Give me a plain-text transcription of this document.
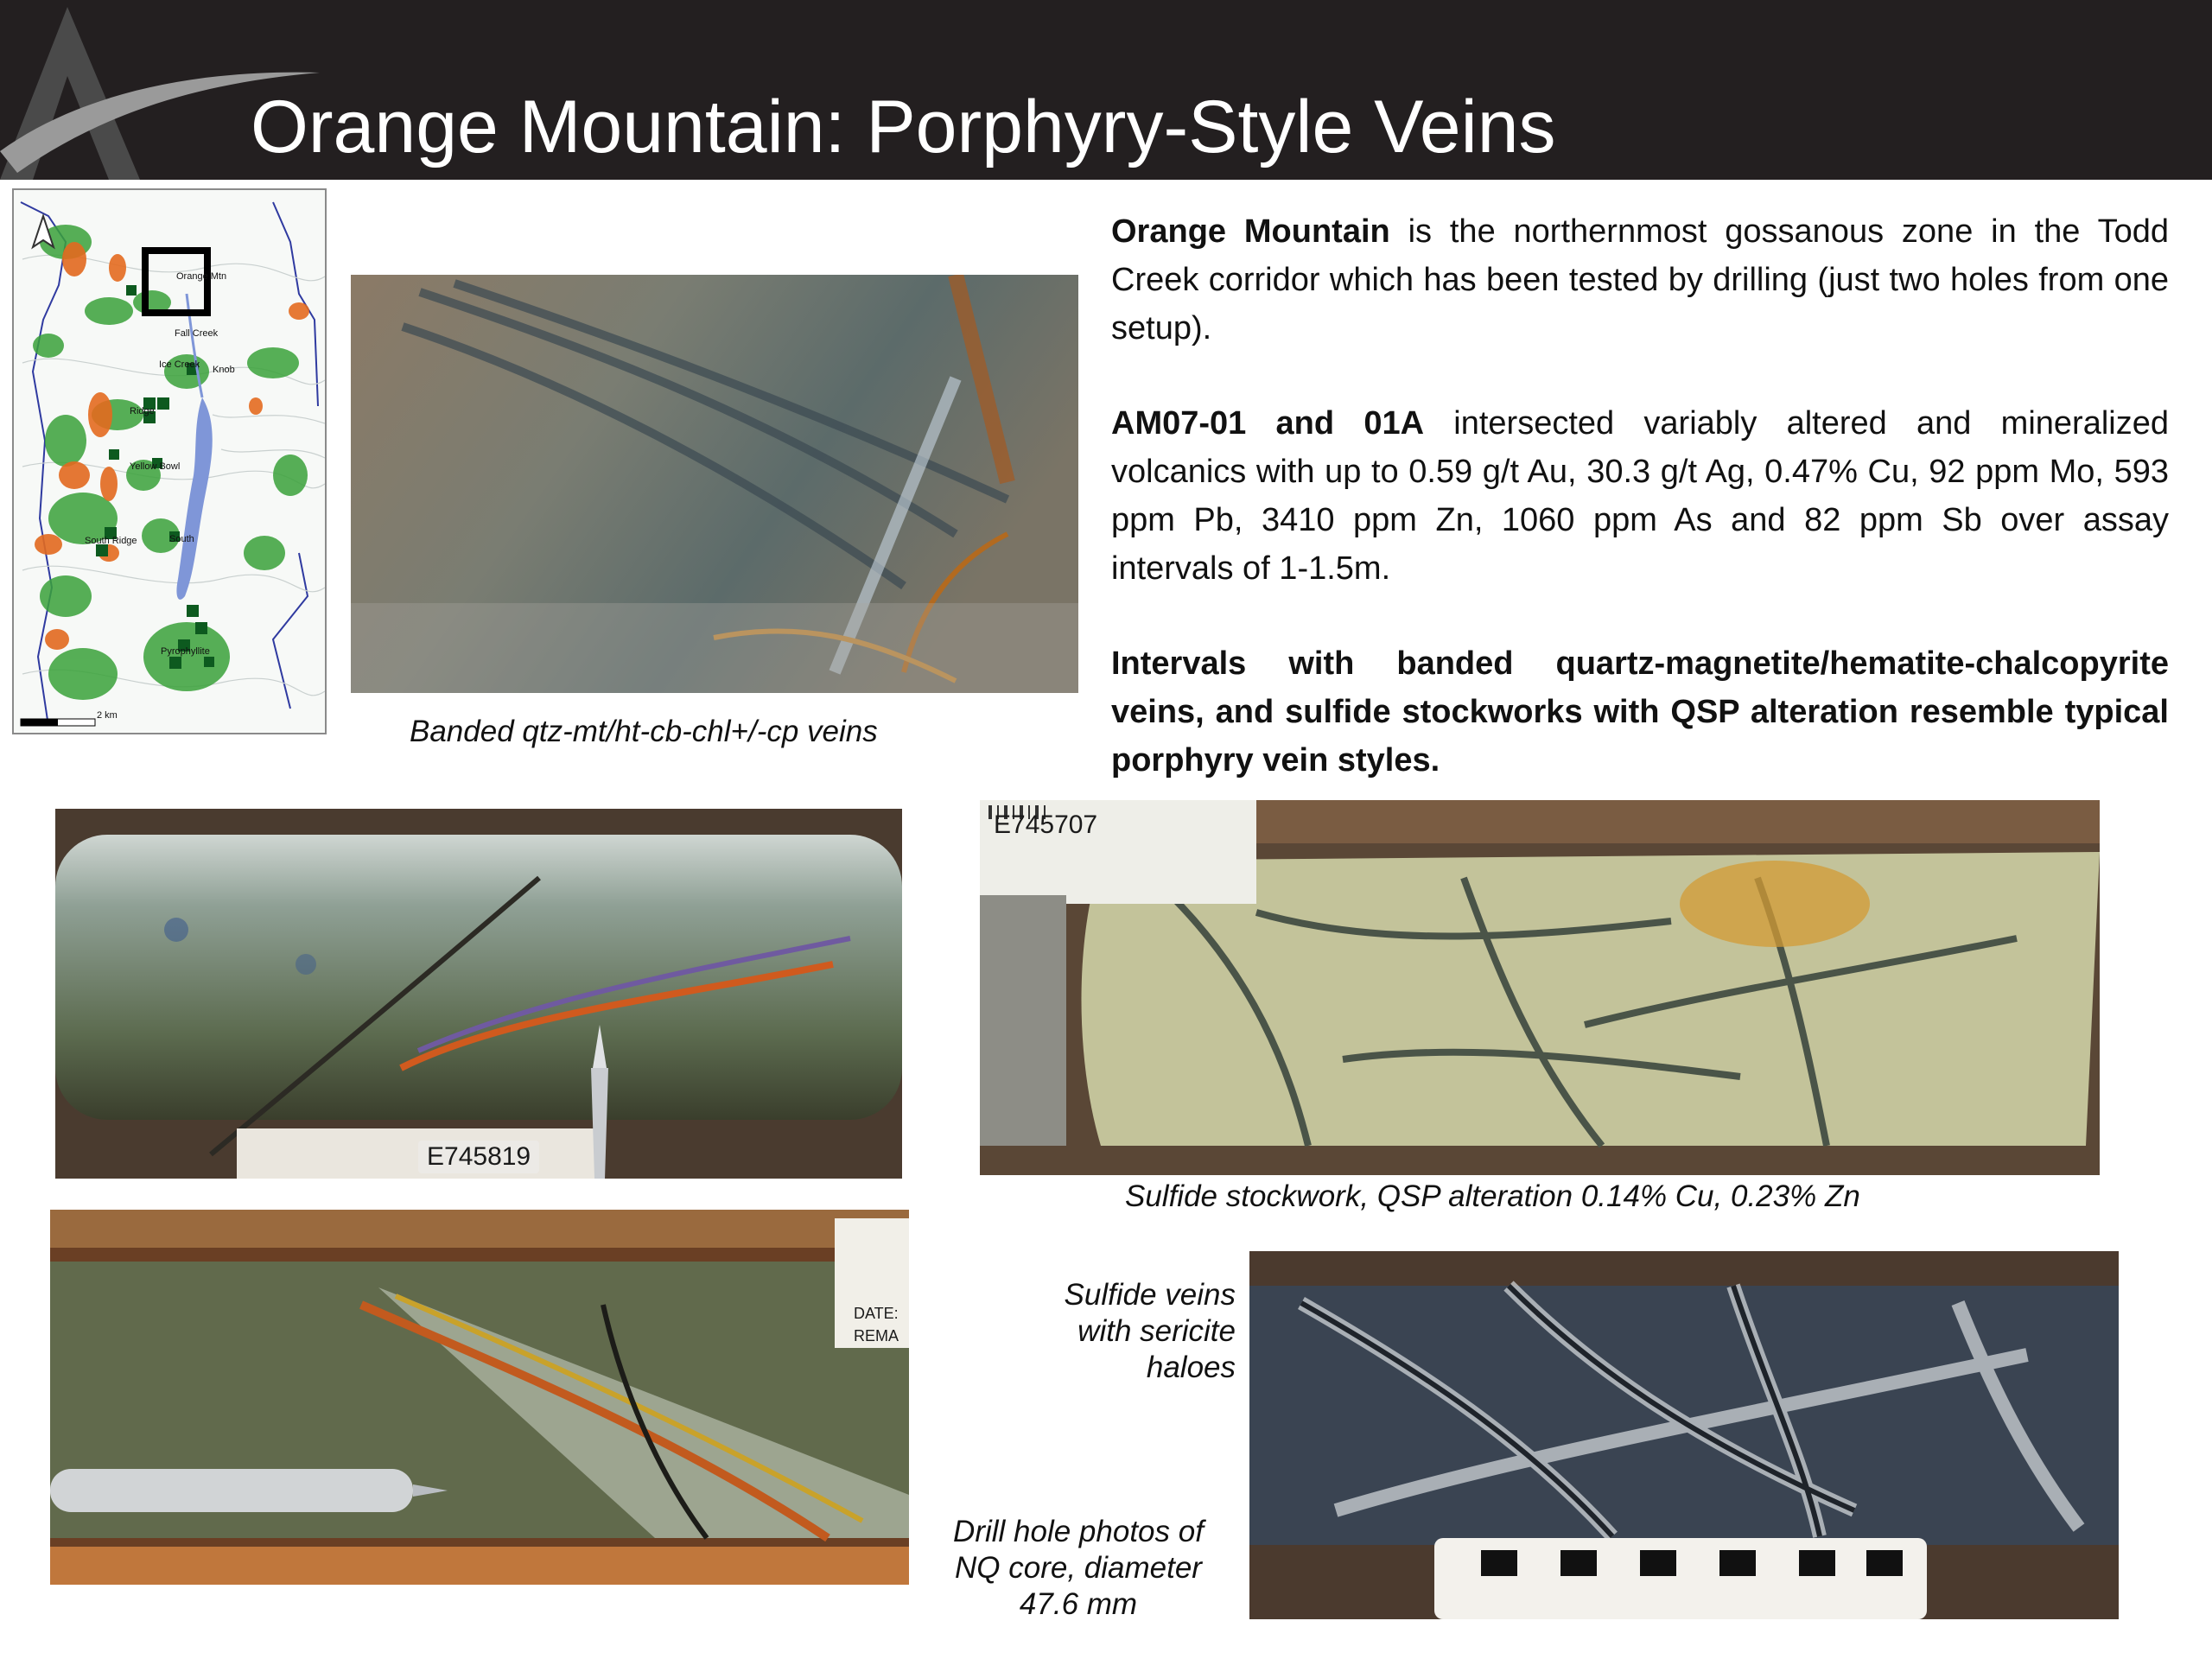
Orange Mountain: Porphyry-Style Veins
Orange Mtn
Fall Creek
Ice Creek Knob
Ridge
Yellow Bowl
South Ridge	South
Pyrophyllite
2 km	Banded qtz-mt/ht-cb-chl+/-cp veins

Orange Mountain is the northernmost gossanous zone in the Todd Creek corridor which has been tested by drilling (just two holes from one setup).

AM07-01 and 01A intersected variably altered and mineralized volcanics with up to 0.59 g/t Au, 30.3 g/t Ag, 0.47% Cu, 92 ppm Mo, 593 ppm Pb, 3410 ppm Zn, 1060 ppm As and 82 ppm Sb over assay intervals of 1-1.5m.

Intervals with banded quartz-magnetite/hematite-chalcopyrite veins, and sulfide stockworks with QSP alteration resemble typical porphyry vein styles.

E745819
E745707

Sulfide stockwork, QSP alteration 0.14% Cu, 0.23% Zn

DATE:
REMA

Sulfide veins

with sericite

haloes

Drill hole photos of

NQ core, diameter

47.6 mm
